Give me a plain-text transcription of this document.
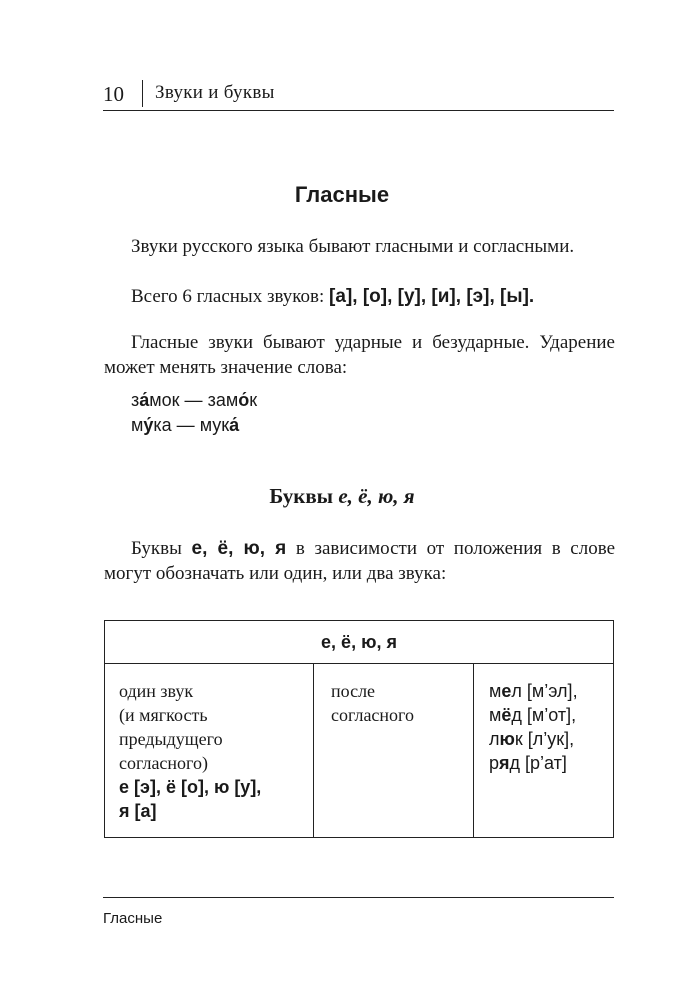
10 Звуки и буквы
Гласные

Звуки русского языка бывают гласными и согласными.

Всего 6 гласных звуков: [а], [о], [у], [и], [э], [ы].

Гласные звуки бывают ударные и безударные. Ударение может менять значение слова:

за́мок — замо́к
му́ка — мука́
Буквы е, ё, ю, я

Буквы е, ё, ю, я в зависимости от положения в слове могут обозначать или один, или два звука:

е, ё, ю, я
один звук
(и мягкость
предыдущего
согласного)
е [э], ё [о], ю [у],
я [а]
после
согласного
мел [м’эл],
мёд [м’от],
люк [л’ук],
ряд [р’ат]
Гласные
